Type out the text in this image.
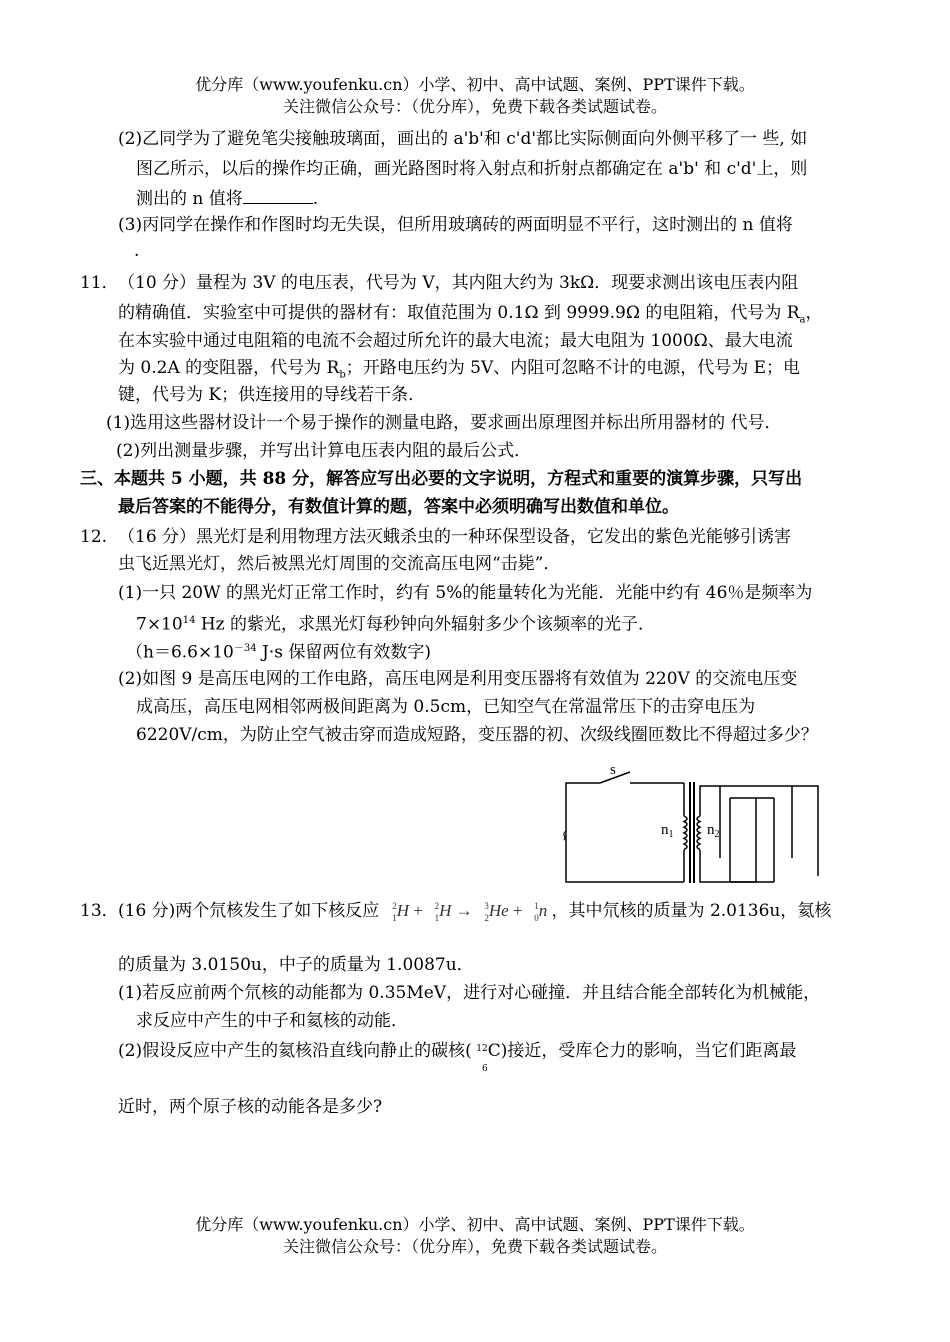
优分库（www.youfenku.cn）小学、初中、高中试题、案例、PPT课件下载。
关注微信公众号：（优分库），免费下载各类试题试卷。
(2)乙同学为了避免笔尖接触玻璃面，画出的 a'b'和 c'd'都比实际侧面向外侧平移了一 些, 如
图乙所示，以后的操作均正确，画光路图时将入射点和折射点都确定在 a'b' 和 c'd'上，则
测出的 n 值将	.
(3)丙同学在操作和作图时均无失误，但所用玻璃砖的两面明显不平行，这时测出的 n 值将
.
11． （10 分）量程为 3V 的电压表，代号为 V，其内阻大约为 3kΩ．现要求测出该电压表内阻
的精确值．实验室中可提供的器材有：取值范围为 0.1Ω 到 9999.9Ω 的电阻箱，代号为 $R_a$，
在本实验中通过电阻箱的电流不会超过所允许的最大电流；最大电阻为 1000Ω、最大电流
为 0.2A 的变阻器，代号为 $R_b$；开路电压约为 5V、内阻可忽略不计的电源，代号为 E；电
键，代号为 K；供连接用的导线若干条．
(1)选用这些器材设计一个易于操作的测量电路，要求画出原理图并标出所用器材的 代号．
(2)列出测量步骤，并写出计算电压表内阻的最后公式．
三、本题共 5 小题，共 88 分，解答应写出必要的文字说明，方程式和重要的演算步骤，只写出
最后答案的不能得分，有数值计算的题，答案中必须明确写出数值和单位。
12. （16 分）黑光灯是利用物理方法灭蛾杀虫的一种环保型设备，它发出的紫色光能够引诱害
虫飞近黑光灯，然后被黑光灯周围的交流高压电网“击毙”．
(1)一只 20W 的黑光灯正常工作时，约有 5%的能量转化为光能．光能中约有 46％是频率为
$7\times 10^{14}$ Hz 的紫光，求黑光灯每秒钟向外辐射多少个该频率的光子．
（$h=6.6\times 10^{-34}$ J·s 保留两位有效数字)
(2)如图 9 是高压电网的工作电路，高压电网是利用变压器将有效值为 220V 的交流电压变
成高压，高压电网相邻两极间距离为 0.5cm，已知空气在常温常压下的击穿电压为
6220V/cm，为防止空气被击穿而造成短路，变压器的初、次级线圈匝数比不得超过多少？
s
∽	$n_1$ $n_2$
13． (16 分)两个氘核发生了如下核反应 2
1 H + 2
1 H → 3
2 He + 1
0 n ，其中氘核的质量为 2.0136u，氦核
的质量为 3.0150u，中子的质量为 1.0087u．
(1)若反应前两个氘核的动能都为 0.35MeV，进行对心碰撞．并且结合能全部转化为机械能，
求反应中产生的中子和氦核的动能．
(2)假设反应中产生的氦核沿直线向静止的碳核( 12
6
C)接近，受库仑力的影响，当它们距离最
近时，两个原子核的动能各是多少?
优分库（www.youfenku.cn）小学、初中、高中试题、案例、PPT课件下载。
关注微信公众号：（优分库），免费下载各类试题试卷。
